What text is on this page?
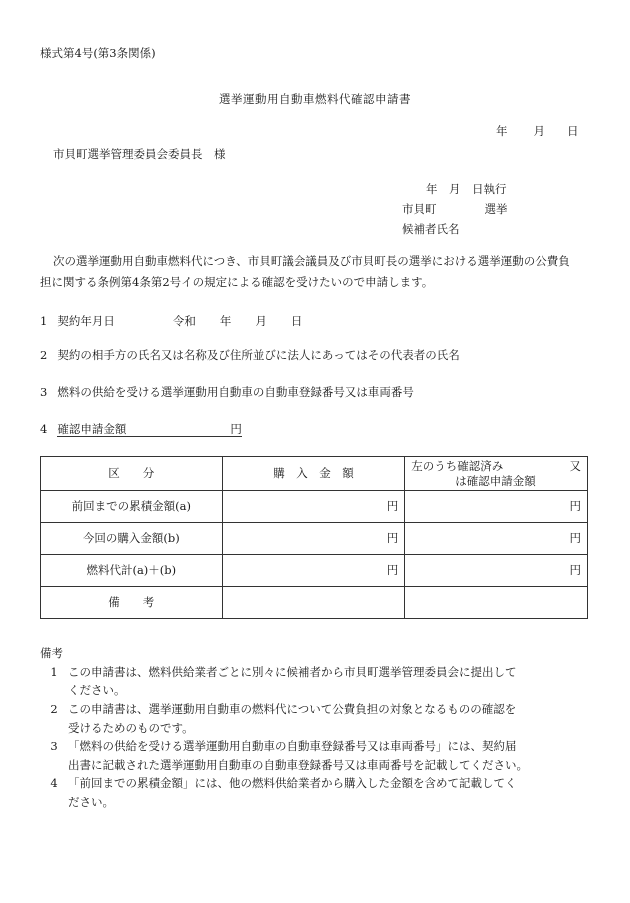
様式第4号(第3条関係)
選挙運動用自動車燃料代確認申請書
年 月 日
市貝町選挙管理委員会委員長　様
年　月　日執行
市貝町	選挙
候補者氏名
次の選挙運動用自動車燃料代につき、市貝町議会議員及び市貝町長の選挙における選挙運動の公費負
担に関する条例第4条第2号イの規定による確認を受けたいので申請します。
1 契約年月日	令和 年 月 日
2 契約の相手方の氏名又は名称及び住所並びに法人にあってはその代表者の氏名
3 燃料の供給を受ける選挙運動用自動車の自動車登録番号又は車両番号
4 確認申請金額	円
区　　分	購　入　金　額	左のうち確認済み 又
は確認申請金額

前回までの累積金額(a)	円	円
今回の購入金額(b)	円	円
燃料代計(a)＋(b)	円	円
備　　考		
備考
1 この申請書は、燃料供給業者ごとに別々に候補者から市貝町選挙管理委員会に提出して
ください。
2 この申請書は、選挙運動用自動車の燃料代について公費負担の対象となるものの確認を
受けるためのものです。
3 「燃料の供給を受ける選挙運動用自動車の自動車登録番号又は車両番号」には、契約届
出書に記載された選挙運動用自動車の自動車登録番号又は車両番号を記載してください。
4 「前回までの累積金額」には、他の燃料供給業者から購入した金額を含めて記載してく
ださい。
